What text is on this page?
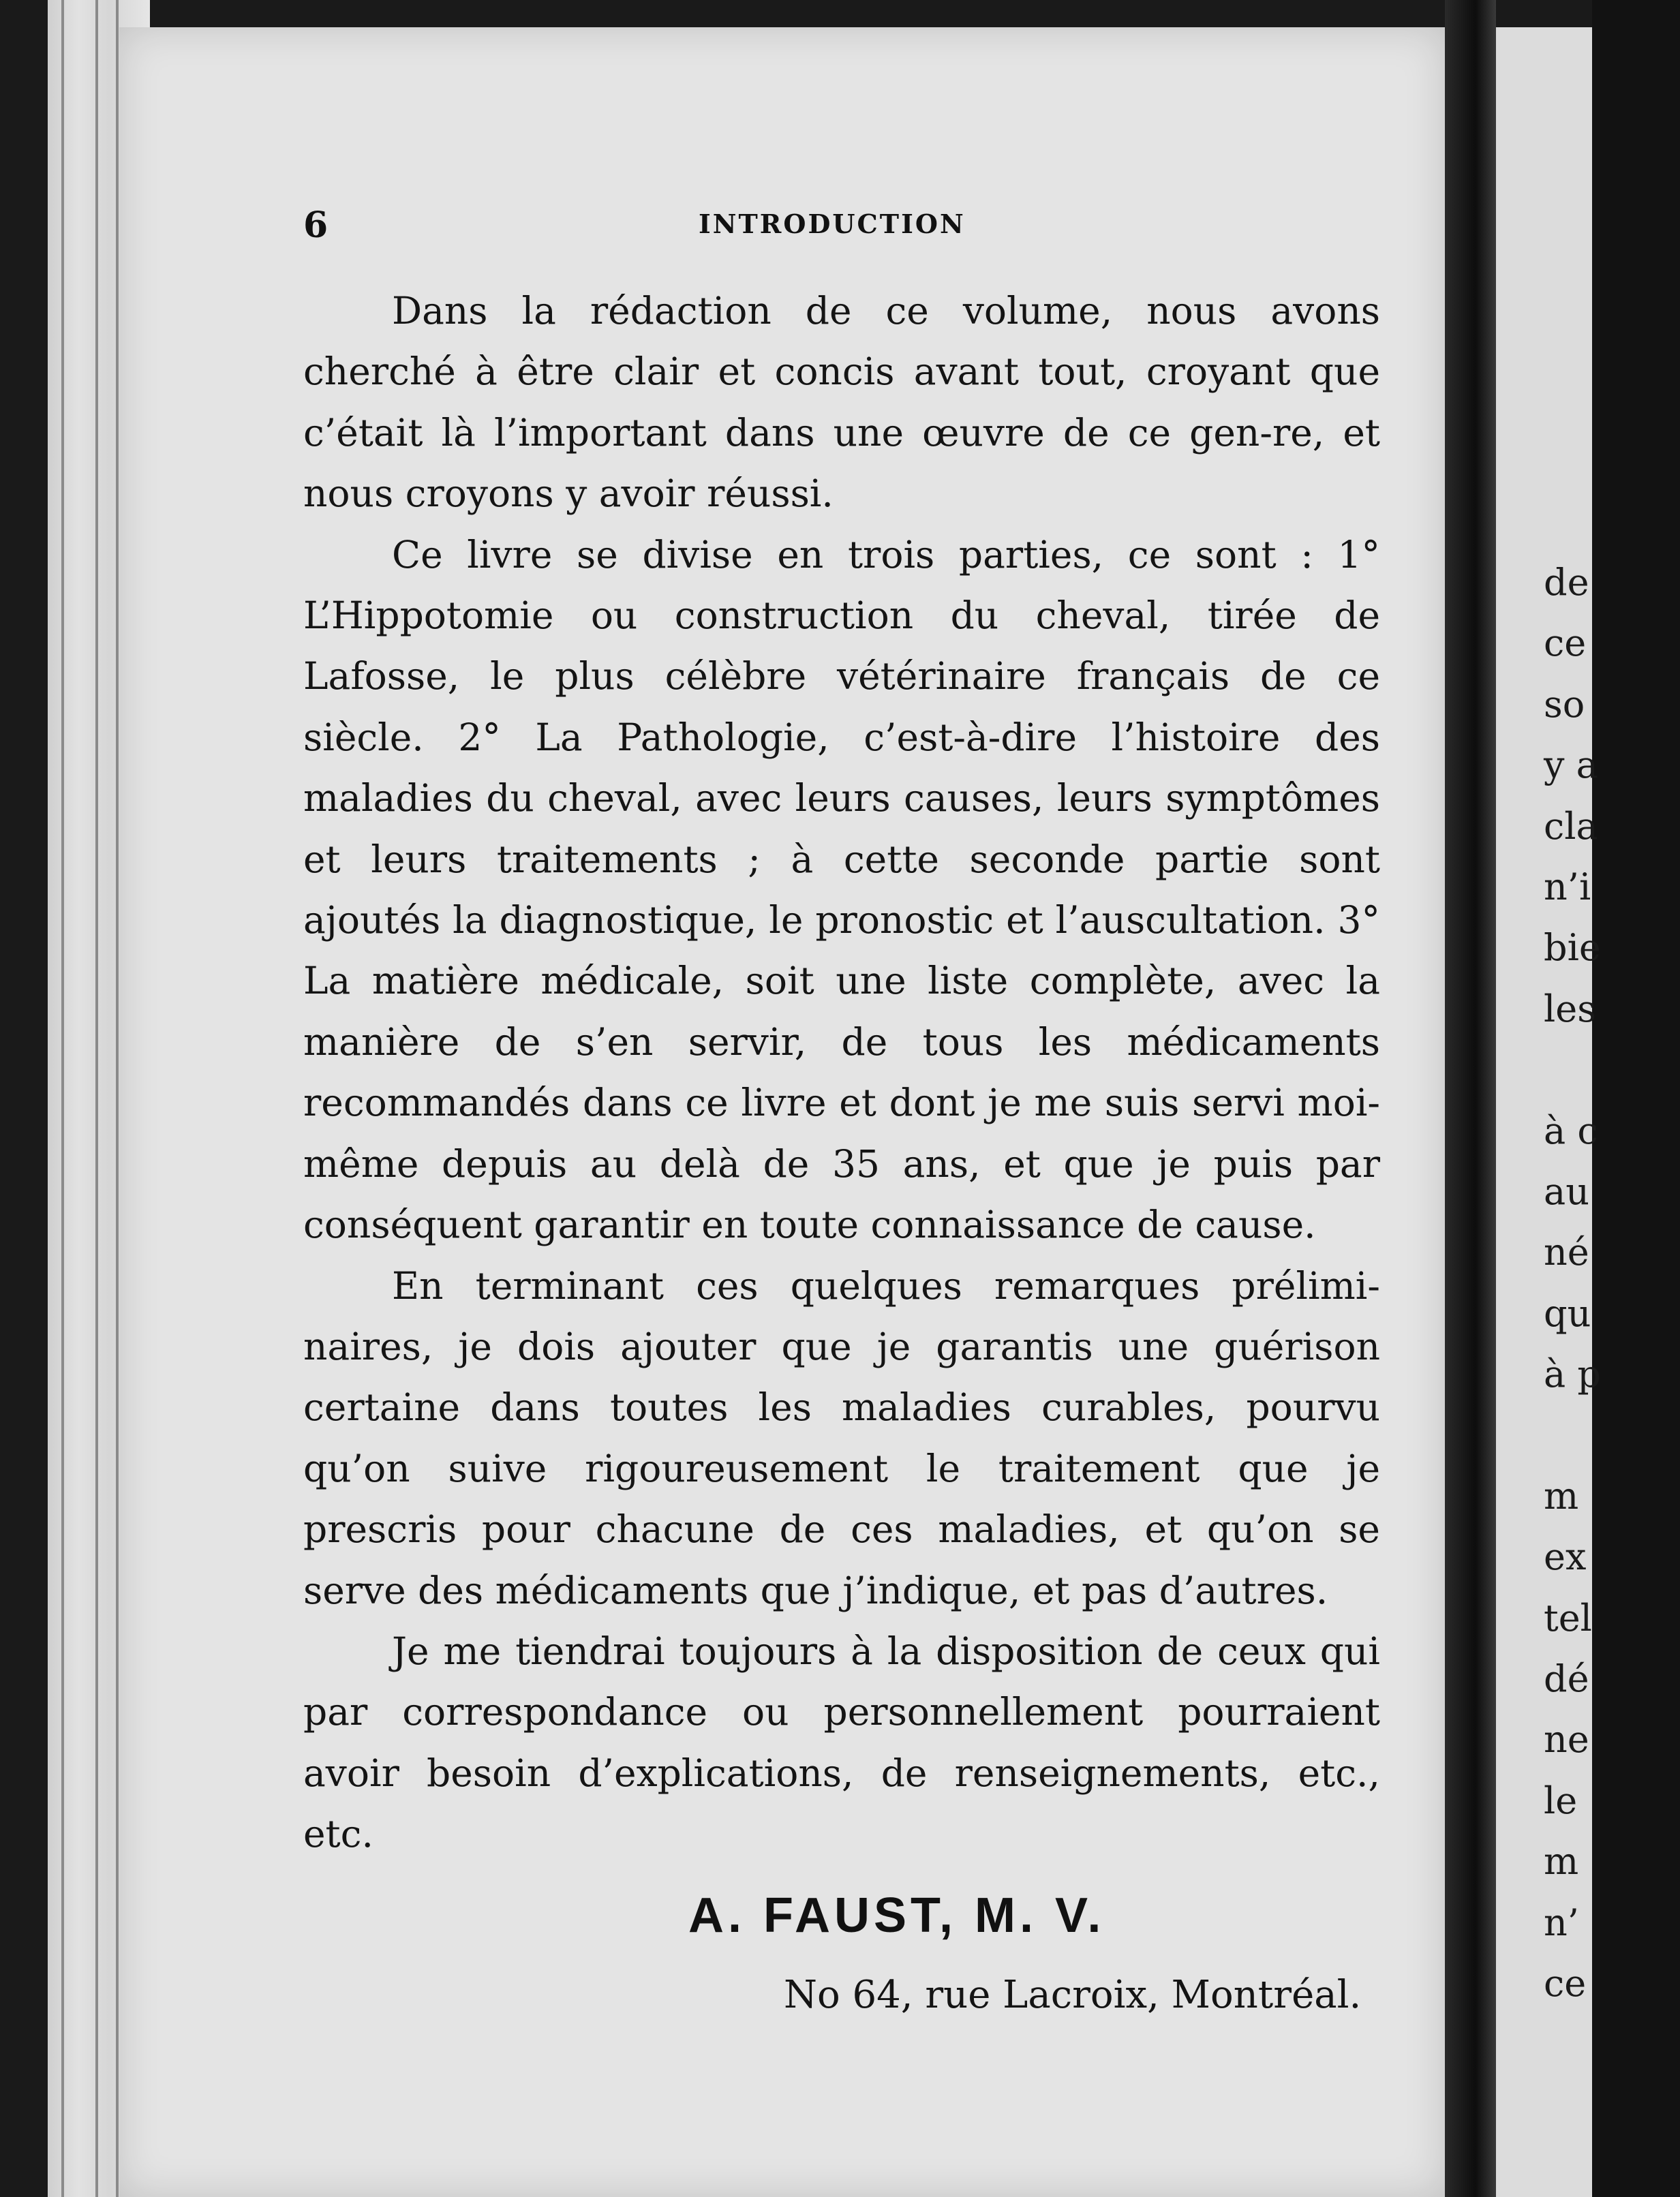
de
ce
so
y a
cla
n’i
bie
les
à c
au
né
qu
à p
m
ex
tel
dé
ne
le
m
n’
ce
6	INTRODUCTION

Dans la rédaction de ce volume, nous avons cherché à être clair et concis avant tout, croyant que c’était là l’important dans une œuvre de ce gen-re, et nous croyons y avoir réussi.

Ce livre se divise en trois parties, ce sont : 1° L’Hippotomie ou construction du cheval, tirée de Lafosse, le plus célèbre vétérinaire français de ce siècle. 2° La Pathologie, c’est-à-dire l’histoire des maladies du cheval, avec leurs causes, leurs symptômes et leurs traitements ; à cette seconde partie sont ajoutés la diagnostique, le pronostic et l’auscultation. 3° La matière médicale, soit une liste complète, avec la manière de s’en servir, de tous les médicaments recommandés dans ce livre et dont je me suis servi moi-même depuis au delà de 35 ans, et que je puis par conséquent garantir en toute connaissance de cause.

En terminant ces quelques remarques préliminaires, je dois ajouter que je garantis une guérison certaine dans toutes les maladies curables, pourvu qu’on suive rigoureusement le traitement que je prescris pour chacune de ces maladies, et qu’on se serve des médicaments que j’indique, et pas d’autres.

Je me tiendrai toujours à la disposition de ceux qui par correspondance ou personnellement pourraient avoir besoin d’explications, de renseignements, etc., etc.

A. FAUST, M. V.
No 64, rue Lacroix, Montréal.
